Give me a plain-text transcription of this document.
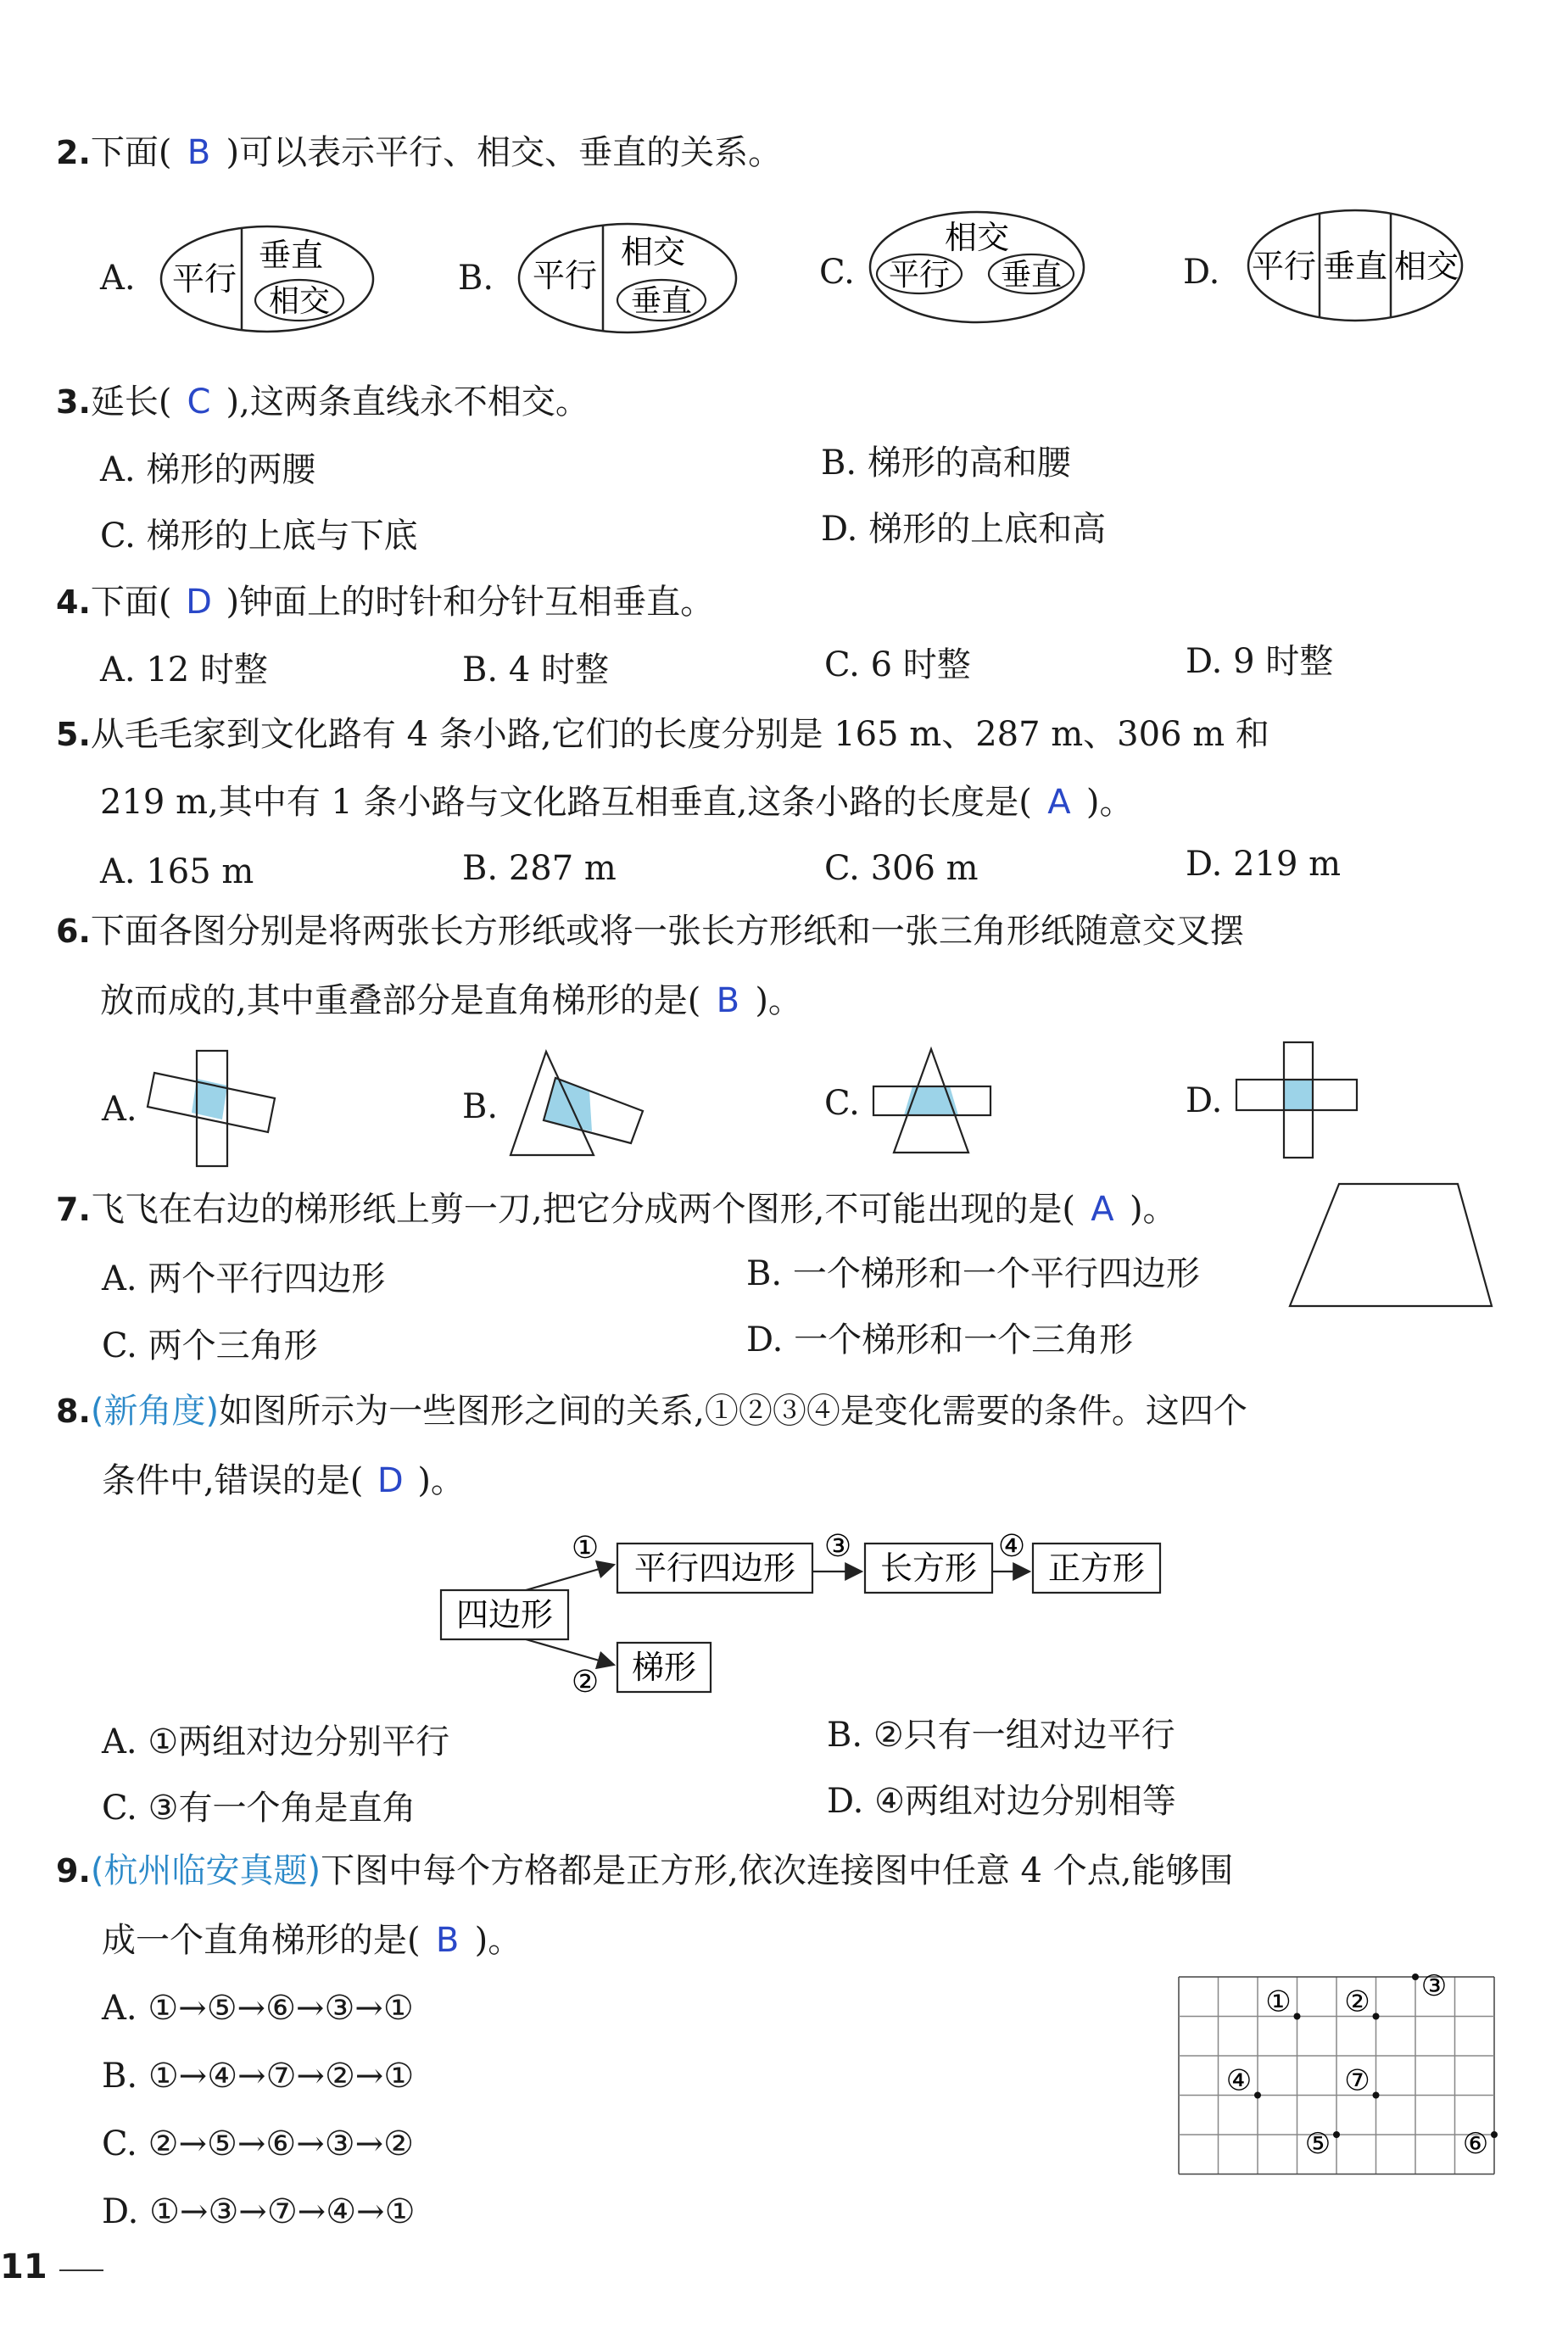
2.下面( B )可以表示平行、相交、垂直的关系。
A. 平行
垂直
相交
B. 平行
相交
垂直
C.
相交
平行 垂直	D. 平行 垂直 相交
3.延长( C ),这两条直线永不相交。
A. 梯形的两腰	B. 梯形的高和腰
C. 梯形的上底与下底	D. 梯形的上底和高
4.下面( D )钟面上的时针和分针互相垂直。
A. 12 时整	B. 4 时整	C. 6 时整	D. 9 时整
5.从毛毛家到文化路有 4 条小路,它们的长度分别是 165 m、287 m、306 m 和
219 m,其中有 1 条小路与文化路互相垂直,这条小路的长度是( A )。
A. 165 m	B. 287 m	C. 306 m	D. 219 m
6.下面各图分别是将两张长方形纸或将一张长方形纸和一张三角形纸随意交叉摆
放而成的,其中重叠部分是直角梯形的是( B )。
A.	B.	C.	D.
7.飞飞在右边的梯形纸上剪一刀,把它分成两个图形,不可能出现的是( A )。
A. 两个平行四边形	B. 一个梯形和一个平行四边形
C. 两个三角形	D. 一个梯形和一个三角形
8.(新角度)如图所示为一些图形之间的关系,①②③④是变化需要的条件。这四个
条件中,错误的是( D )。
四边形
平行四边形	长方形 正方形
梯形
①
②
③	④
A. ①两组对边分别平行	B. ②只有一组对边平行
C. ③有一个角是直角	D. ④两组对边分别相等
9.(杭州临安真题)下图中每个方格都是正方形,依次连接图中任意 4 个点,能够围
成一个直角梯形的是( B )。
A. ①→⑤→⑥→③→①
B. ①→④→⑦→②→①
C. ②→⑤→⑥→③→②
D. ①→③→⑦→④→①
① ② ③
④	⑦
⑤	⑥
11
